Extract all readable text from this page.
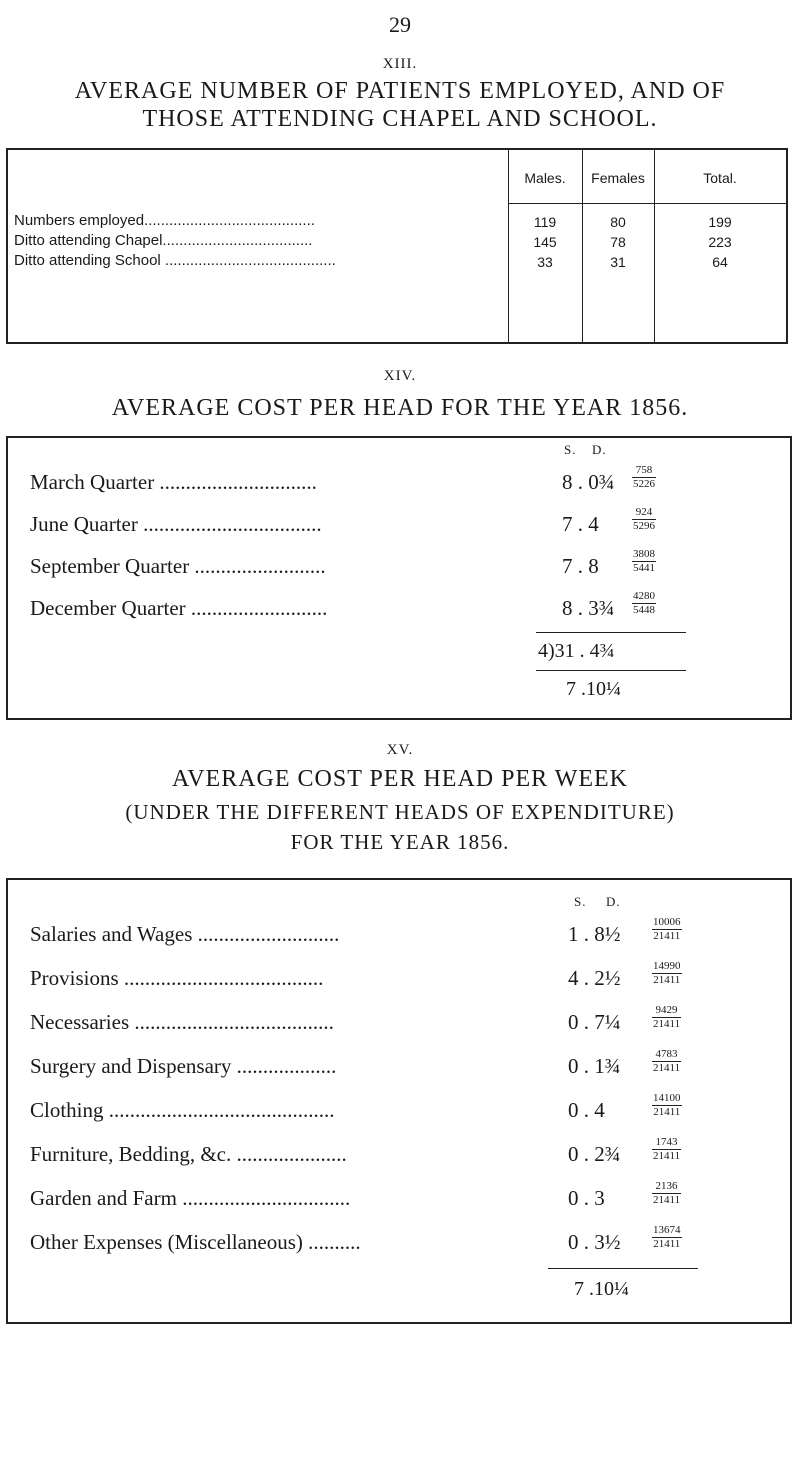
29
XIII.
AVERAGE NUMBER OF PATIENTS EMPLOYED, AND OF
THOSE ATTENDING CHAPEL AND SCHOOL.
Males.	Females	Total.
Numbers employed.........................................	119	80	199
Ditto attending Chapel....................................	145	78	223
Ditto attending School .........................................	33	31	64
XIV.
AVERAGE COST PER HEAD FOR THE YEAR 1856.
S. D.
March Quarter ..............................	8 . 0¾ $\frac{758}{5226}$
June Quarter ..................................	7 . 4	$\frac{924}{5296}$
September Quarter .........................	7 . 8	$\frac{3808}{5441}$
December Quarter ..........................	8 . 3¾ $\frac{4280}{5448}$
4)31 . 4¾
7 .10¼
XV.
AVERAGE COST PER HEAD PER WEEK
(UNDER THE DIFFERENT HEADS OF EXPENDITURE)
FOR THE YEAR 1856.
S. D.
Salaries and Wages ...........................	1 . 8½	$\frac{10006}{21411}$
Provisions ......................................	4 . 2½	$\frac{14990}{21411}$
Necessaries ......................................	0 . 7¼	$\frac{9429}{21411}$
Surgery and Dispensary ...................	0 . 1¾	$\frac{4783}{21411}$
Clothing ...........................................	0 . 4	$\frac{14100}{21411}$
Furniture, Bedding, &c. .....................	0 . 2¾	$\frac{1743}{21411}$
Garden and Farm ................................	0 . 3	$\frac{2136}{21411}$
Other Expenses (Miscellaneous) ..........	0 . 3½	$\frac{13674}{21411}$
7 .10¼
